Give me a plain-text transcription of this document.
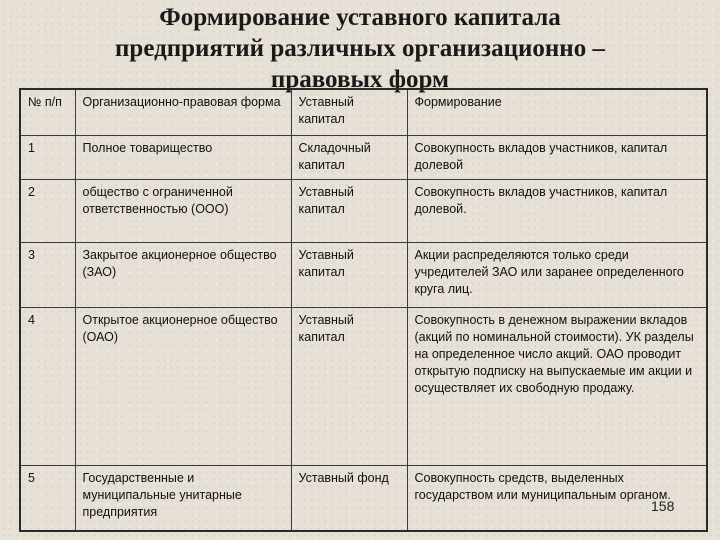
Формирование уставного капитала
предприятий различных организационно –
правовых форм
№ п/п	Организационно-правовая форма	Уставный капитал	Формирование
1	Полное товарищество	Складочный капитал	Совокупность вкладов участников, капитал долевой
2	общество с ограниченной ответственностью (ООО)	Уставный капитал	Совокупность вкладов участников, капитал долевой.
3	Закрытое акционерное общество (ЗАО)	Уставный капитал	Акции распределяются только среди учредителей ЗАО или заранее определенного круга лиц.
4	Открытое акционерное общество (ОАО)	Уставный капитал	Совокупность в денежном выражении вкладов (акций по номинальной стоимости). УК разделы на определенное число акций. ОАО проводит открытую подписку на выпускаемые им акции и осуществляет их свободную продажу.
5	Государственные и муниципальные унитарные предприятия	Уставный фонд	Совокупность средств, выделенных государством или муниципальным органом.
158
